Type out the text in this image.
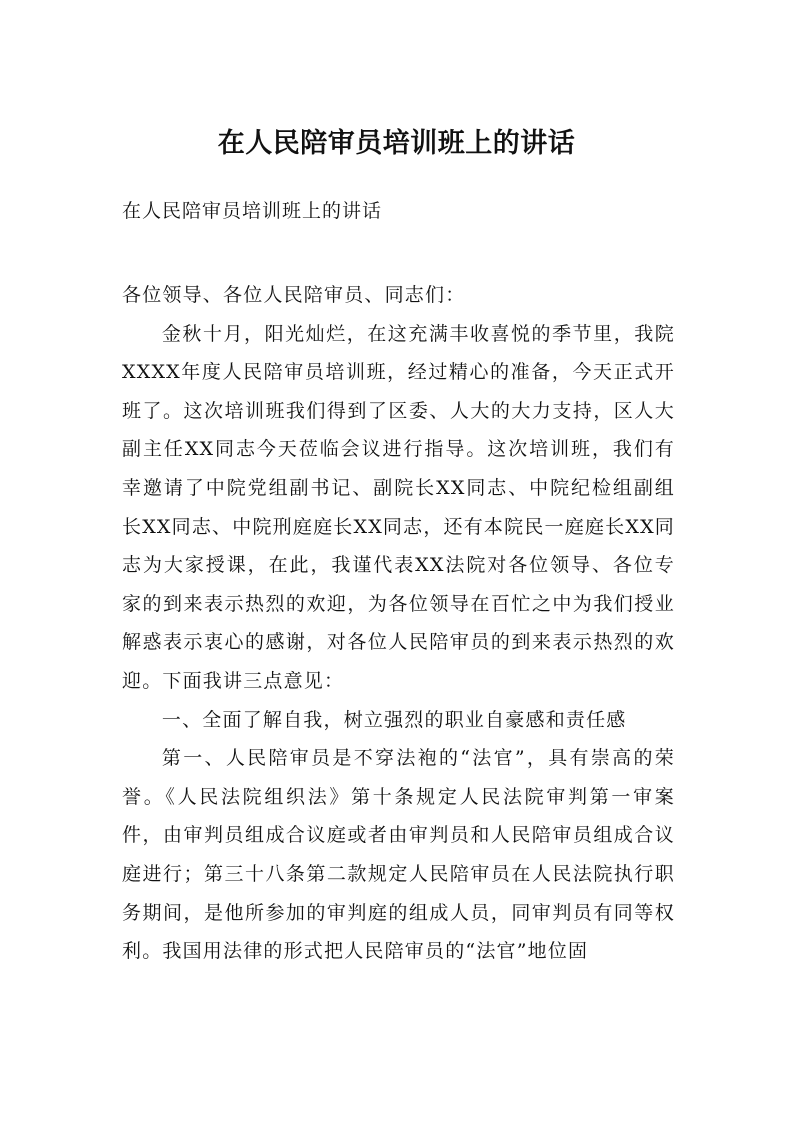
在人民陪审员培训班上的讲话

在人民陪审员培训班上的讲话

各位领导、各位人民陪审员、同志们：

金秋十月，阳光灿烂，在这充满丰收喜悦的季节里，我院XXXX年度人民陪审员培训班，经过精心的准备，今天正式开班了。这次培训班我们得到了区委、人大的大力支持，区人大副主任XX同志今天莅临会议进行指导。这次培训班，我们有幸邀请了中院党组副书记、副院长XX同志、中院纪检组副组长XX同志、中院刑庭庭长XX同志，还有本院民一庭庭长XX同志为大家授课，在此，我谨代表XX法院对各位领导、各位专家的到来表示热烈的欢迎，为各位领导在百忙之中为我们授业解惑表示衷心的感谢，对各位人民陪审员的到来表示热烈的欢迎。下面我讲三点意见：

一、全面了解自我，树立强烈的职业自豪感和责任感

第一、人民陪审员是不穿法袍的“法官”，具有崇高的荣誉。《人民法院组织法》第十条规定人民法院审判第一审案件，由审判员组成合议庭或者由审判员和人民陪审员组成合议庭进行；第三十八条第二款规定人民陪审员在人民法院执行职务期间，是他所参加的审判庭的组成人员，同审判员有同等权利。我国用法律的形式把人民陪审员的“法官”地位固
